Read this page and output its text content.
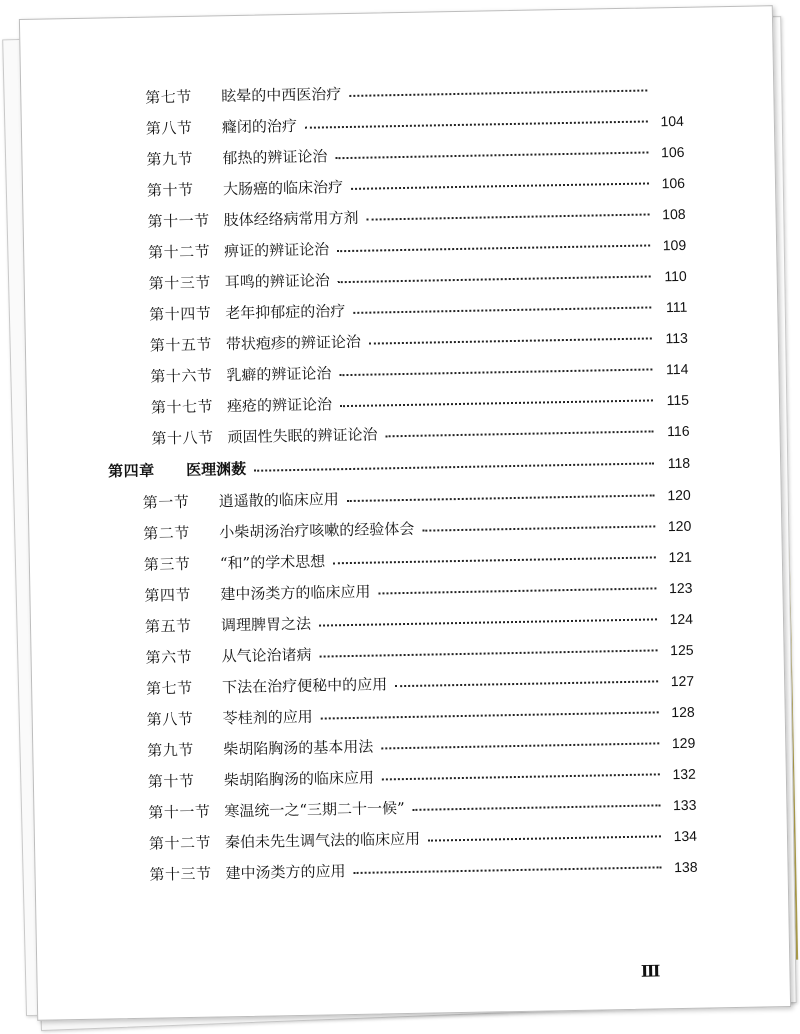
第七节	眩晕的中西医治疗
第八节	癃闭的治疗	104
第九节	郁热的辨证论治	106
第十节	大肠癌的临床治疗	106
第十一节 肢体经络病常用方剂	108
第十二节 痹证的辨证论治	109
第十三节 耳鸣的辨证论治	110
第十四节 老年抑郁症的治疗	111
第十五节 带状疱疹的辨证论治	113
第十六节 乳癖的辨证论治	114
第十七节 痤疮的辨证论治	115
第十八节 顽固性失眠的辨证论治	116
第四章	医理渊薮	118
第一节	逍遥散的临床应用	120
第二节	小柴胡汤治疗咳嗽的经验体会	120
第三节	“和”的学术思想	121
第四节	建中汤类方的临床应用	123
第五节	调理脾胃之法	124
第六节	从气论治诸病	125
第七节	下法在治疗便秘中的应用	127
第八节	苓桂剂的应用	128
第九节	柴胡陷胸汤的基本用法	129
第十节	柴胡陷胸汤的临床应用	132
第十一节 寒温统一之“三期二十一候”	133
第十二节 秦伯未先生调气法的临床应用	134
第十三节 建中汤类方的应用	138
Ⅲ
